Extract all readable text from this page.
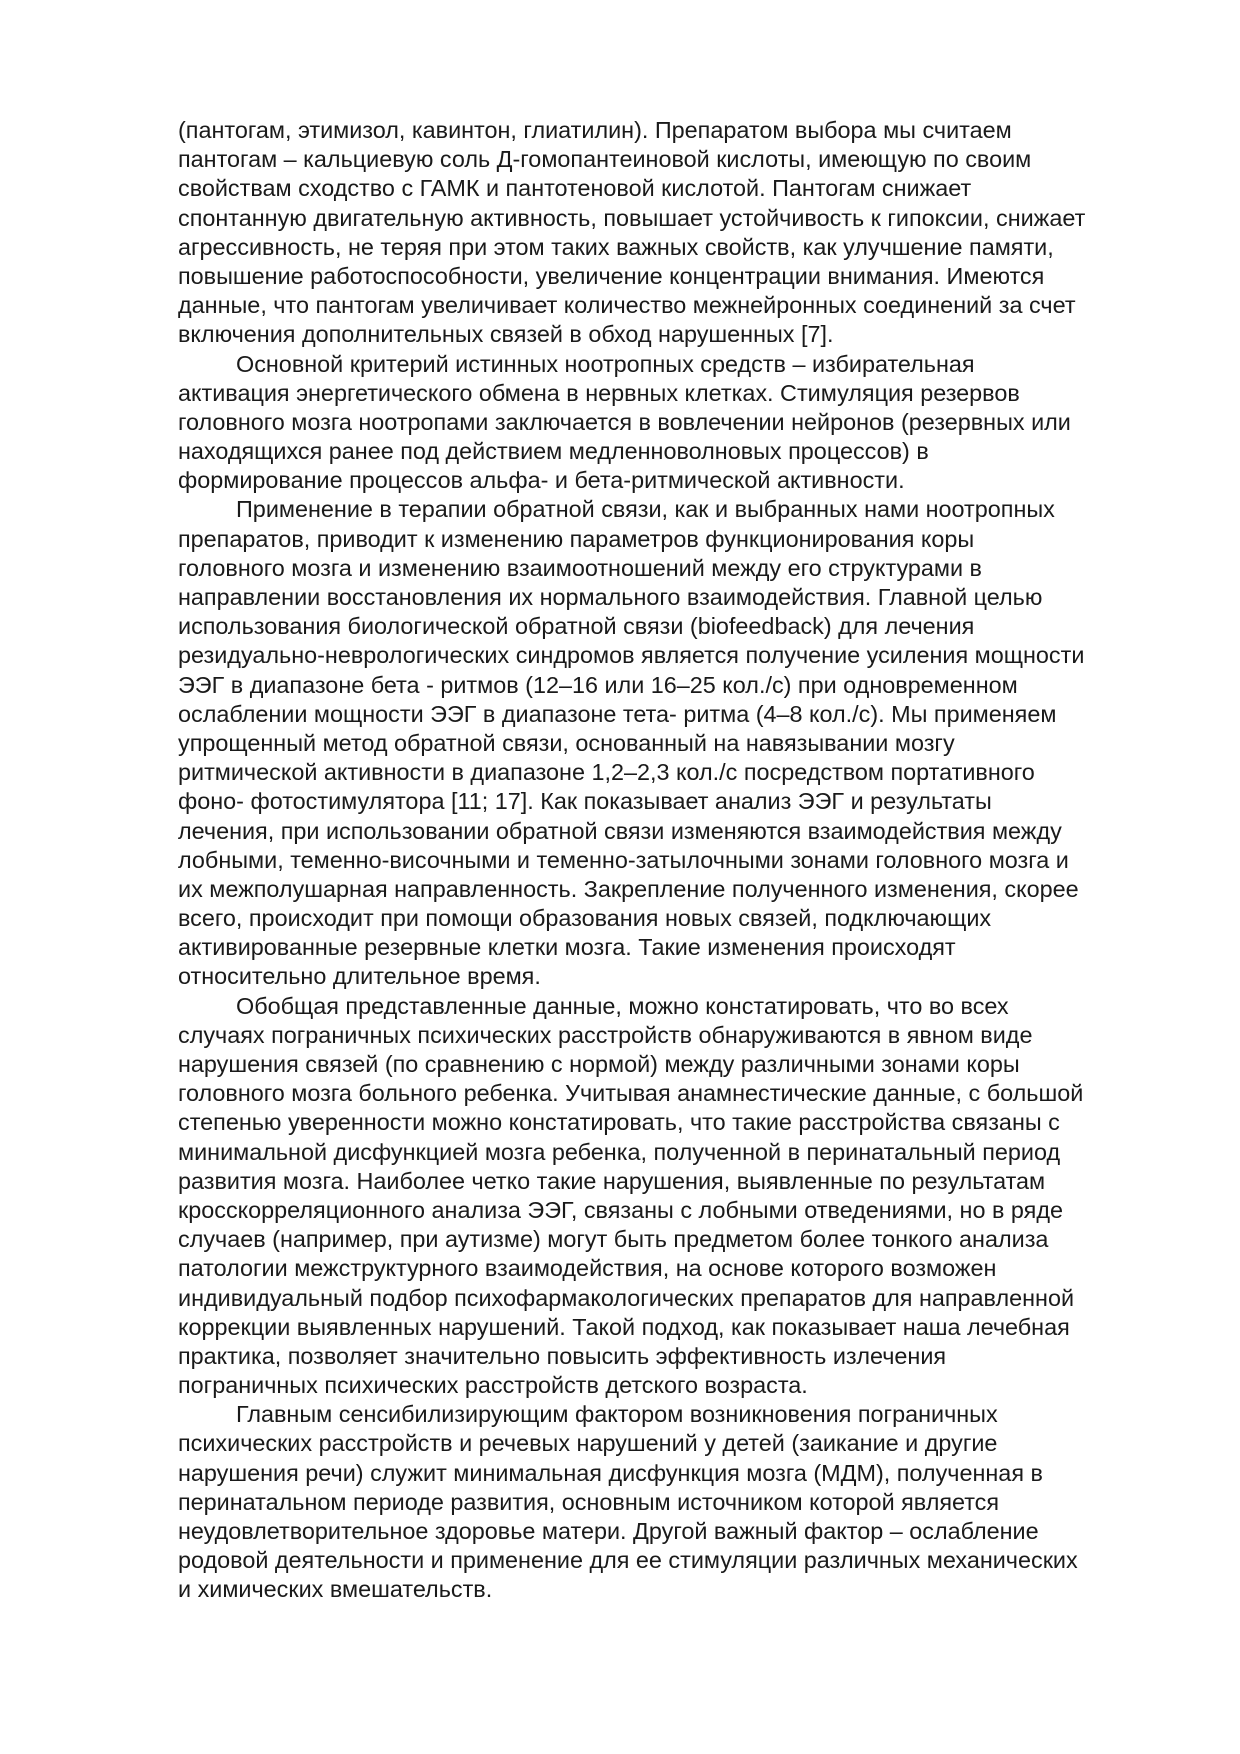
(пантогам, этимизол, кавинтон, глиатилин). Препаратом выбора мы считаем
пантогам – кальциевую соль Д-гомопантеиновой кислоты, имеющую по своим
свойствам сходство с ГАМК и пантотеновой кислотой. Пантогам снижает
спонтанную двигательную активность, повышает устойчивость к гипоксии, снижает
агрессивность, не теряя при этом таких важных свойств, как улучшение памяти,
повышение работоспособности, увеличение концентрации внимания. Имеются
данные, что пантогам увеличивает количество межнейронных соединений за счет
включения дополнительных связей в обход нарушенных [7].
Основной критерий истинных ноотропных средств – избирательная
активация энергетического обмена в нервных клетках. Стимуляция резервов
головного мозга ноотропами заключается в вовлечении нейронов (резервных или
находящихся ранее под действием медленноволновых процессов) в
формирование процессов альфа- и бета-ритмической активности.
Применение в терапии обратной связи, как и выбранных нами ноотропных
препаратов, приводит к изменению параметров функционирования коры
головного мозга и изменению взаимоотношений между его структурами в
направлении восстановления их нормального взаимодействия. Главной целью
использования биологической обратной связи (biofeedback) для лечения
резидуально-неврологических синдромов является получение усиления мощности
ЭЭГ в диапазоне бета - ритмов (12–16 или 16–25 кол./с) при одновременном
ослаблении мощности ЭЭГ в диапазоне тета- ритма (4–8 кол./с). Мы применяем
упрощенный метод обратной связи, основанный на навязывании мозгу
ритмической активности в диапазоне 1,2–2,3 кол./с посредством портативного
фоно- фотостимулятора [11; 17]. Как показывает анализ ЭЭГ и результаты
лечения, при использовании обратной связи изменяются взаимодействия между
лобными, теменно-височными и теменно-затылочными зонами головного мозга и
их межполушарная направленность. Закрепление полученного изменения, скорее
всего, происходит при помощи образования новых связей, подключающих
активированные резервные клетки мозга. Такие изменения происходят
относительно длительное время.
Обобщая представленные данные, можно констатировать, что во всех
случаях пограничных психических расстройств обнаруживаются в явном виде
нарушения связей (по сравнению с нормой) между различными зонами коры
головного мозга больного ребенка. Учитывая анамнестические данные, с большой
степенью уверенности можно констатировать, что такие расстройства связаны с
минимальной дисфункцией мозга ребенка, полученной в перинатальный период
развития мозга. Наиболее четко такие нарушения, выявленные по результатам
кросскорреляционного анализа ЭЭГ, связаны с лобными отведениями, но в ряде
случаев (например, при аутизме) могут быть предметом более тонкого анализа
патологии межструктурного взаимодействия, на основе которого возможен
индивидуальный подбор психофармакологических препаратов для направленной
коррекции выявленных нарушений. Такой подход, как показывает наша лечебная
практика, позволяет значительно повысить эффективность излечения
пограничных психических расстройств детского возраста.
Главным сенсибилизирующим фактором возникновения пограничных
психических расстройств и речевых нарушений у детей (заикание и другие
нарушения речи) служит минимальная дисфункция мозга (МДМ), полученная в
перинатальном периоде развития, основным источником которой является
неудовлетворительное здоровье матери. Другой важный фактор – ослабление
родовой деятельности и применение для ее стимуляции различных механических
и химических вмешательств.
